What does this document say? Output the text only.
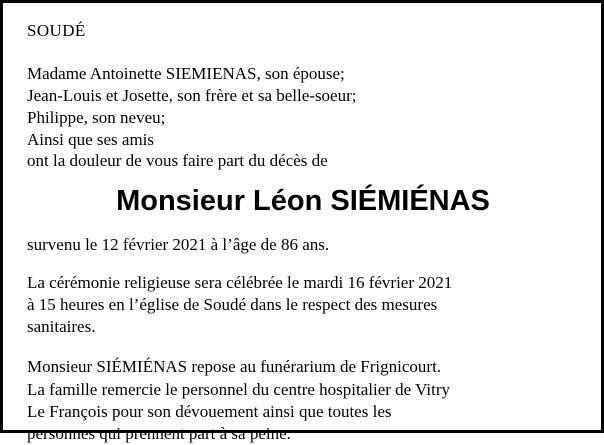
SOUDÉ
Madame Antoinette SIEMIENAS, son épouse;
Jean-Louis et Josette, son frère et sa belle-soeur;
Philippe, son neveu;
Ainsi que ses amis
ont la douleur de vous faire part du décès de
Monsieur Léon SIÉMIÉNAS
survenu le 12 février 2021 à l’âge de 86 ans.
La cérémonie religieuse sera célébrée le mardi 16 février 2021
à 15 heures en l’église de Soudé dans le respect des mesures
sanitaires.
Monsieur SIÉMIÉNAS repose au funérarium de Frignicourt.
La famille remercie le personnel du centre hospitalier de Vitry
Le François pour son dévouement ainsi que toutes les
personnes qui prennent part à sa peine.
